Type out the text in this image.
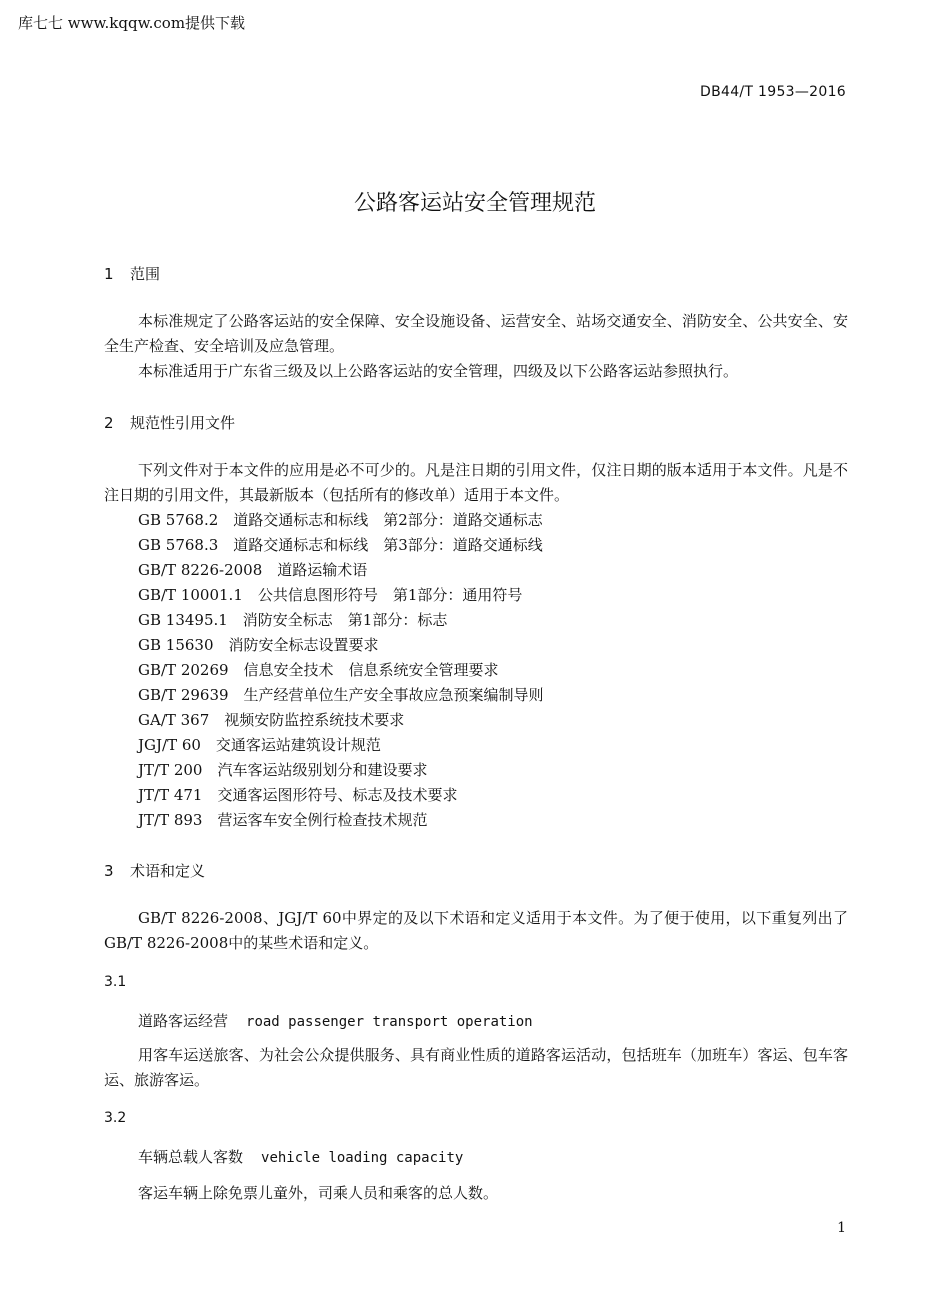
库七七 www.kqqw.com提供下载
DB44/T 1953—2016
公路客运站安全管理规范
1 范围
本标准规定了公路客运站的安全保障、安全设施设备、运营安全、站场交通安全、消防安全、公共安全、安全生产检查、安全培训及应急管理。
本标准适用于广东省三级及以上公路客运站的安全管理，四级及以下公路客运站参照执行。
2 规范性引用文件
下列文件对于本文件的应用是必不可少的。凡是注日期的引用文件，仅注日期的版本适用于本文件。凡是不注日期的引用文件，其最新版本（包括所有的修改单）适用于本文件。
GB 5768.2　道路交通标志和标线　第2部分：道路交通标志
GB 5768.3　道路交通标志和标线　第3部分：道路交通标线
GB/T 8226-2008　道路运输术语
GB/T 10001.1　公共信息图形符号　第1部分：通用符号
GB 13495.1　消防安全标志　第1部分：标志
GB 15630　消防安全标志设置要求
GB/T 20269　信息安全技术　信息系统安全管理要求
GB/T 29639　生产经营单位生产安全事故应急预案编制导则
GA/T 367　视频安防监控系统技术要求
JGJ/T 60　交通客运站建筑设计规范
JT/T 200　汽车客运站级别划分和建设要求
JT/T 471　交通客运图形符号、标志及技术要求
JT/T 893　营运客车安全例行检查技术规范
3 术语和定义
GB/T 8226-2008、JGJ/T 60中界定的及以下术语和定义适用于本文件。为了便于使用，以下重复列出了GB/T 8226-2008中的某些术语和定义。
3.1
道路客运经营 road passenger transport operation
用客车运送旅客、为社会公众提供服务、具有商业性质的道路客运活动，包括班车（加班车）客运、包车客运、旅游客运。
3.2
车辆总载人客数 vehicle loading capacity
客运车辆上除免票儿童外，司乘人员和乘客的总人数。
1
